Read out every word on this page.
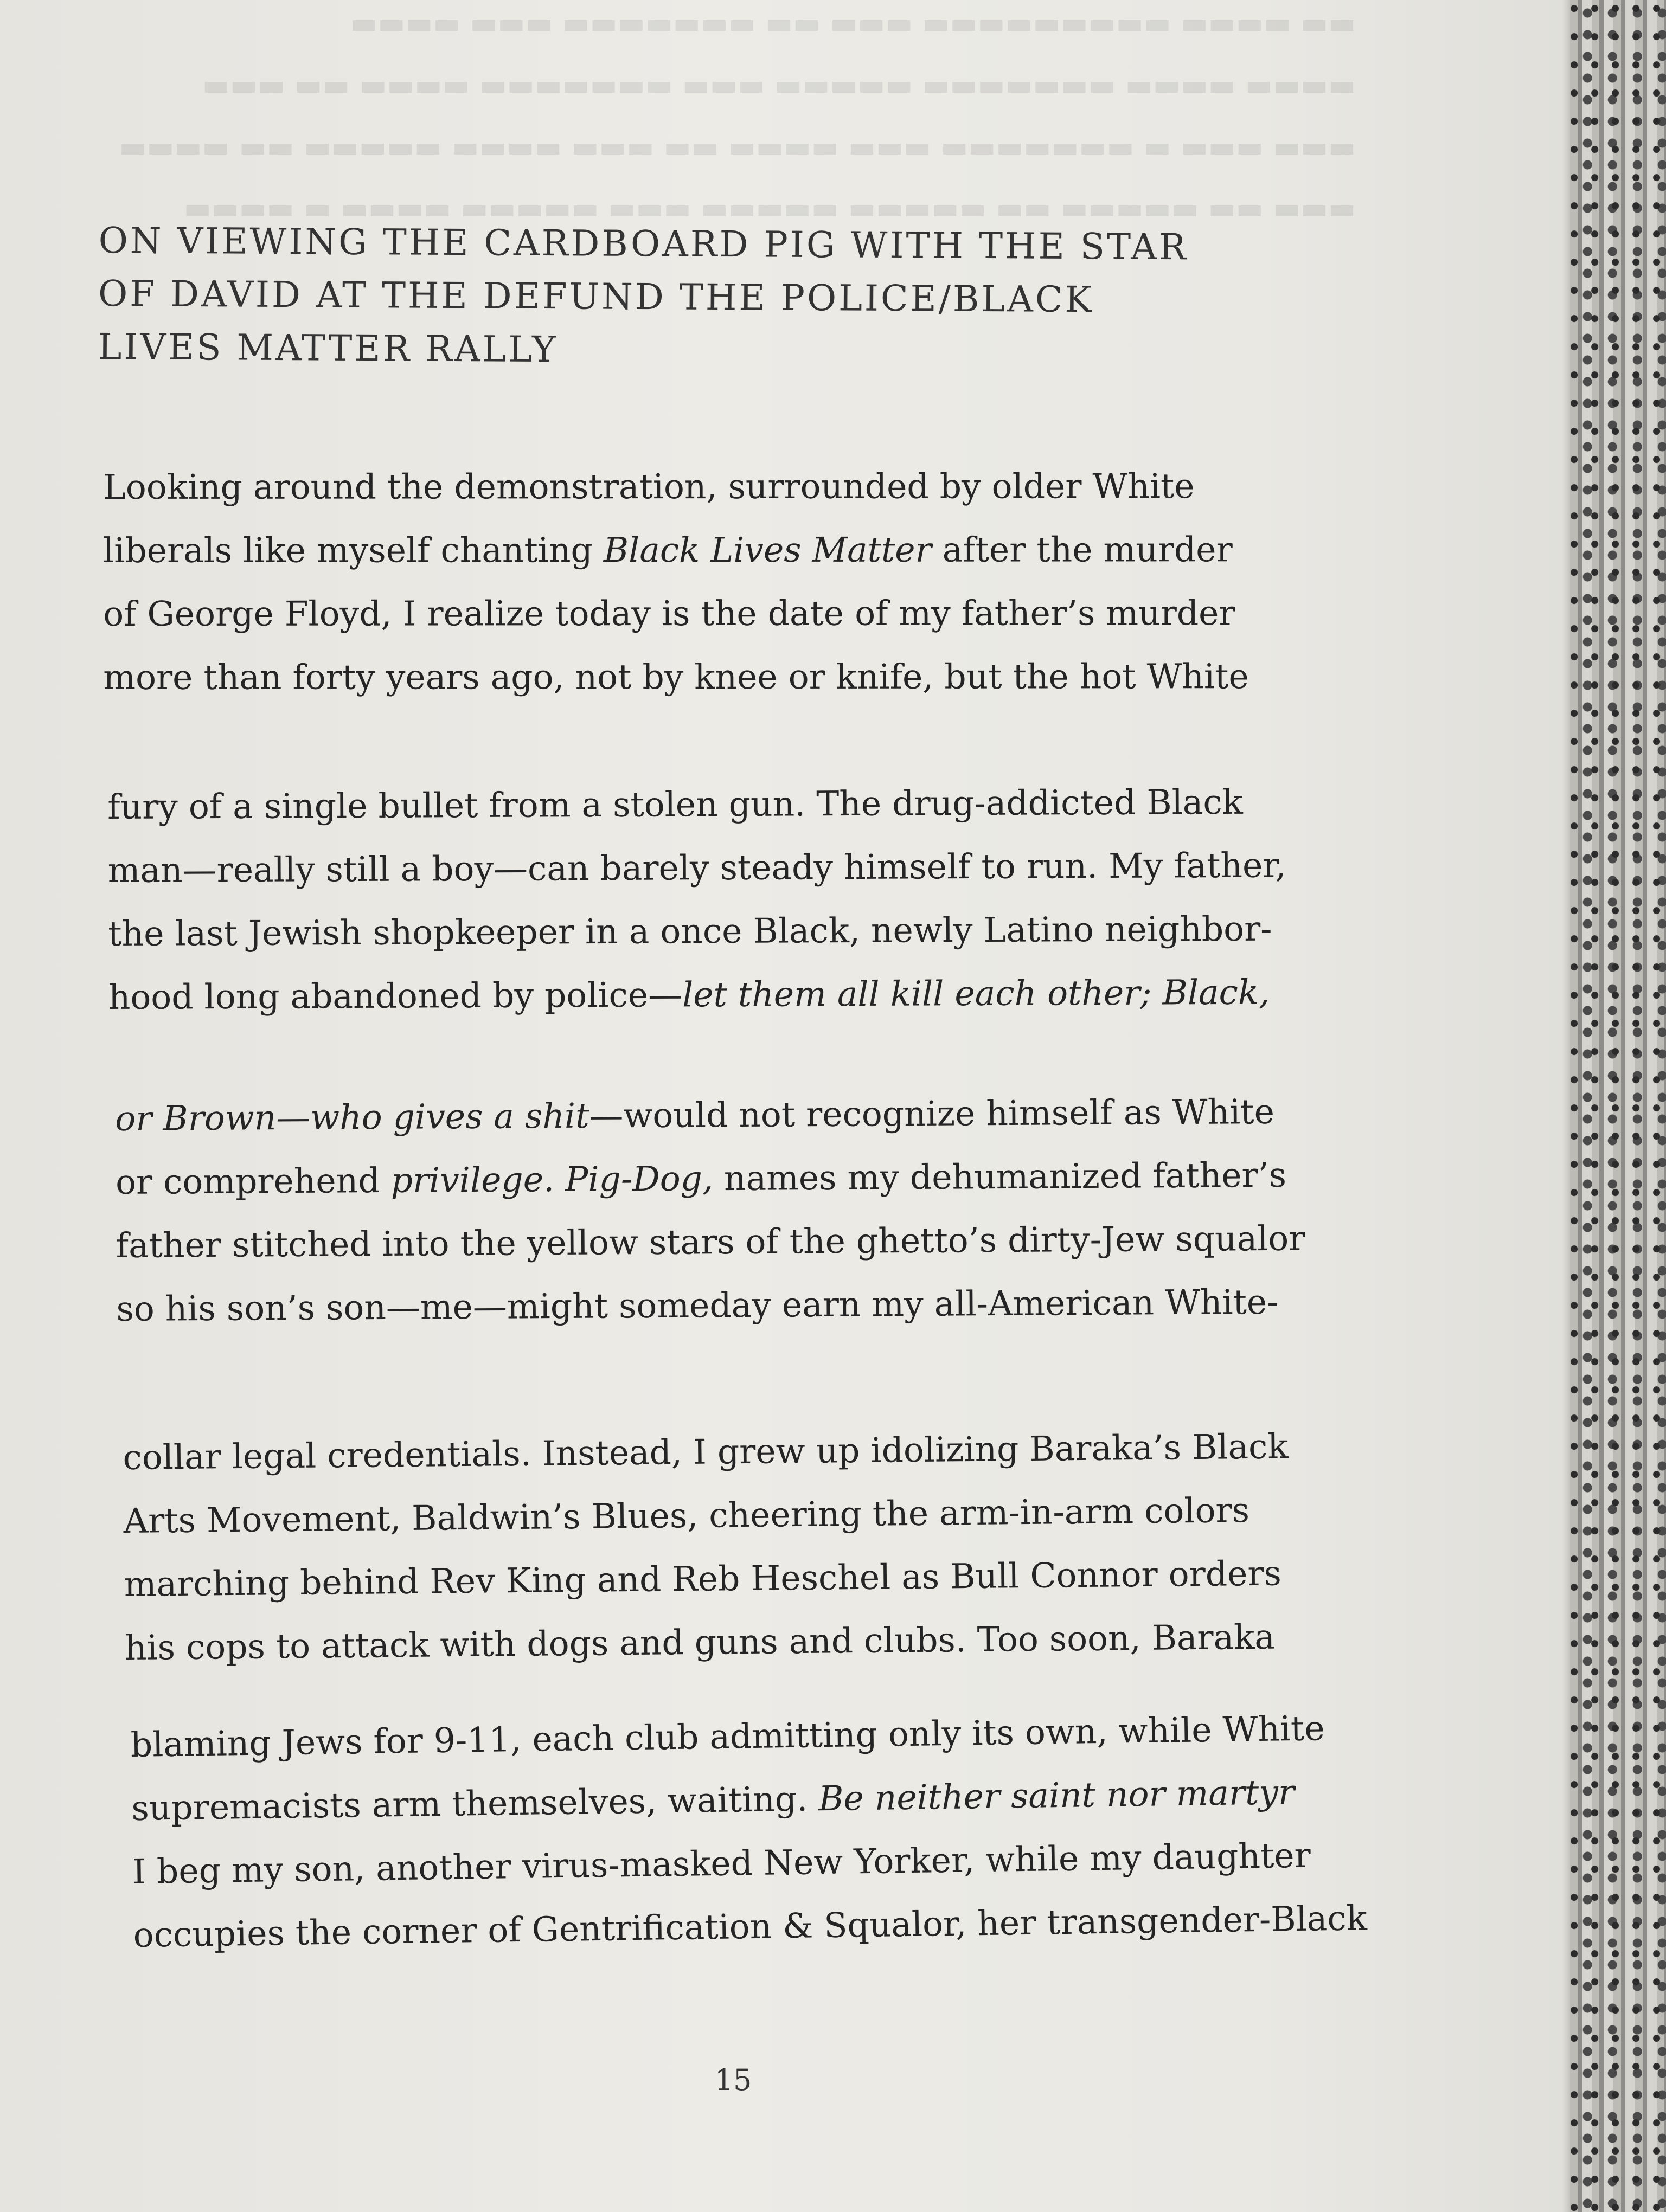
▬▬ ▬▬▬▬ ▬▬▬▬▬▬▬▬▬ ▬▬▬ ▬▬ ▬▬▬▬▬▬▬ ▬▬▬ ▬▬▬▬
▬▬▬▬ ▬▬▬▬ ▬▬▬▬▬▬▬ ▬▬▬▬▬ ▬▬▬ ▬▬▬▬▬▬▬ ▬▬▬▬ ▬▬ ▬▬▬
▬▬▬ ▬▬▬ ▬ ▬▬▬▬▬▬▬ ▬▬▬ ▬▬▬▬ ▬▬ ▬▬▬ ▬▬▬▬ ▬▬▬▬▬ ▬▬ ▬▬▬▬
▬▬▬ ▬▬ ▬▬▬▬▬ ▬▬ ▬▬▬▬▬ ▬▬▬▬▬ ▬▬▬ ▬▬▬▬▬ ▬▬▬▬ ▬ ▬▬▬▬
ON VIEWING THE CARDBOARD PIG WITH THE STAR
OF DAVID AT THE DEFUND THE POLICE/BLACK
LIVES MATTER RALLY
Looking around the demonstration, surrounded by older White
liberals like myself chanting Black Lives Matter after the murder
of George Floyd, I realize today is the date of my father’s murder
more than forty years ago, not by knee or knife, but the hot White
fury of a single bullet from a stolen gun. The drug-addicted Black
man—really still a boy—can barely steady himself to run. My father,
the last Jewish shopkeeper in a once Black, newly Latino neighbor-
hood long abandoned by police—let them all kill each other; Black,
or Brown—who gives a shit—would not recognize himself as White
or comprehend privilege. Pig-Dog, names my dehumanized father’s
father stitched into the yellow stars of the ghetto’s dirty-Jew squalor
so his son’s son—me—might someday earn my all-American White-
collar legal credentials. Instead, I grew up idolizing Baraka’s Black
Arts Movement, Baldwin’s Blues, cheering the arm-in-arm colors
marching behind Rev King and Reb Heschel as Bull Connor orders
his cops to attack with dogs and guns and clubs. Too soon, Baraka
blaming Jews for 9-11, each club admitting only its own, while White
supremacists arm themselves, waiting. Be neither saint nor martyr
I beg my son, another virus-masked New Yorker, while my daughter
occupies the corner of Gentrification & Squalor, her transgender-Black
15
